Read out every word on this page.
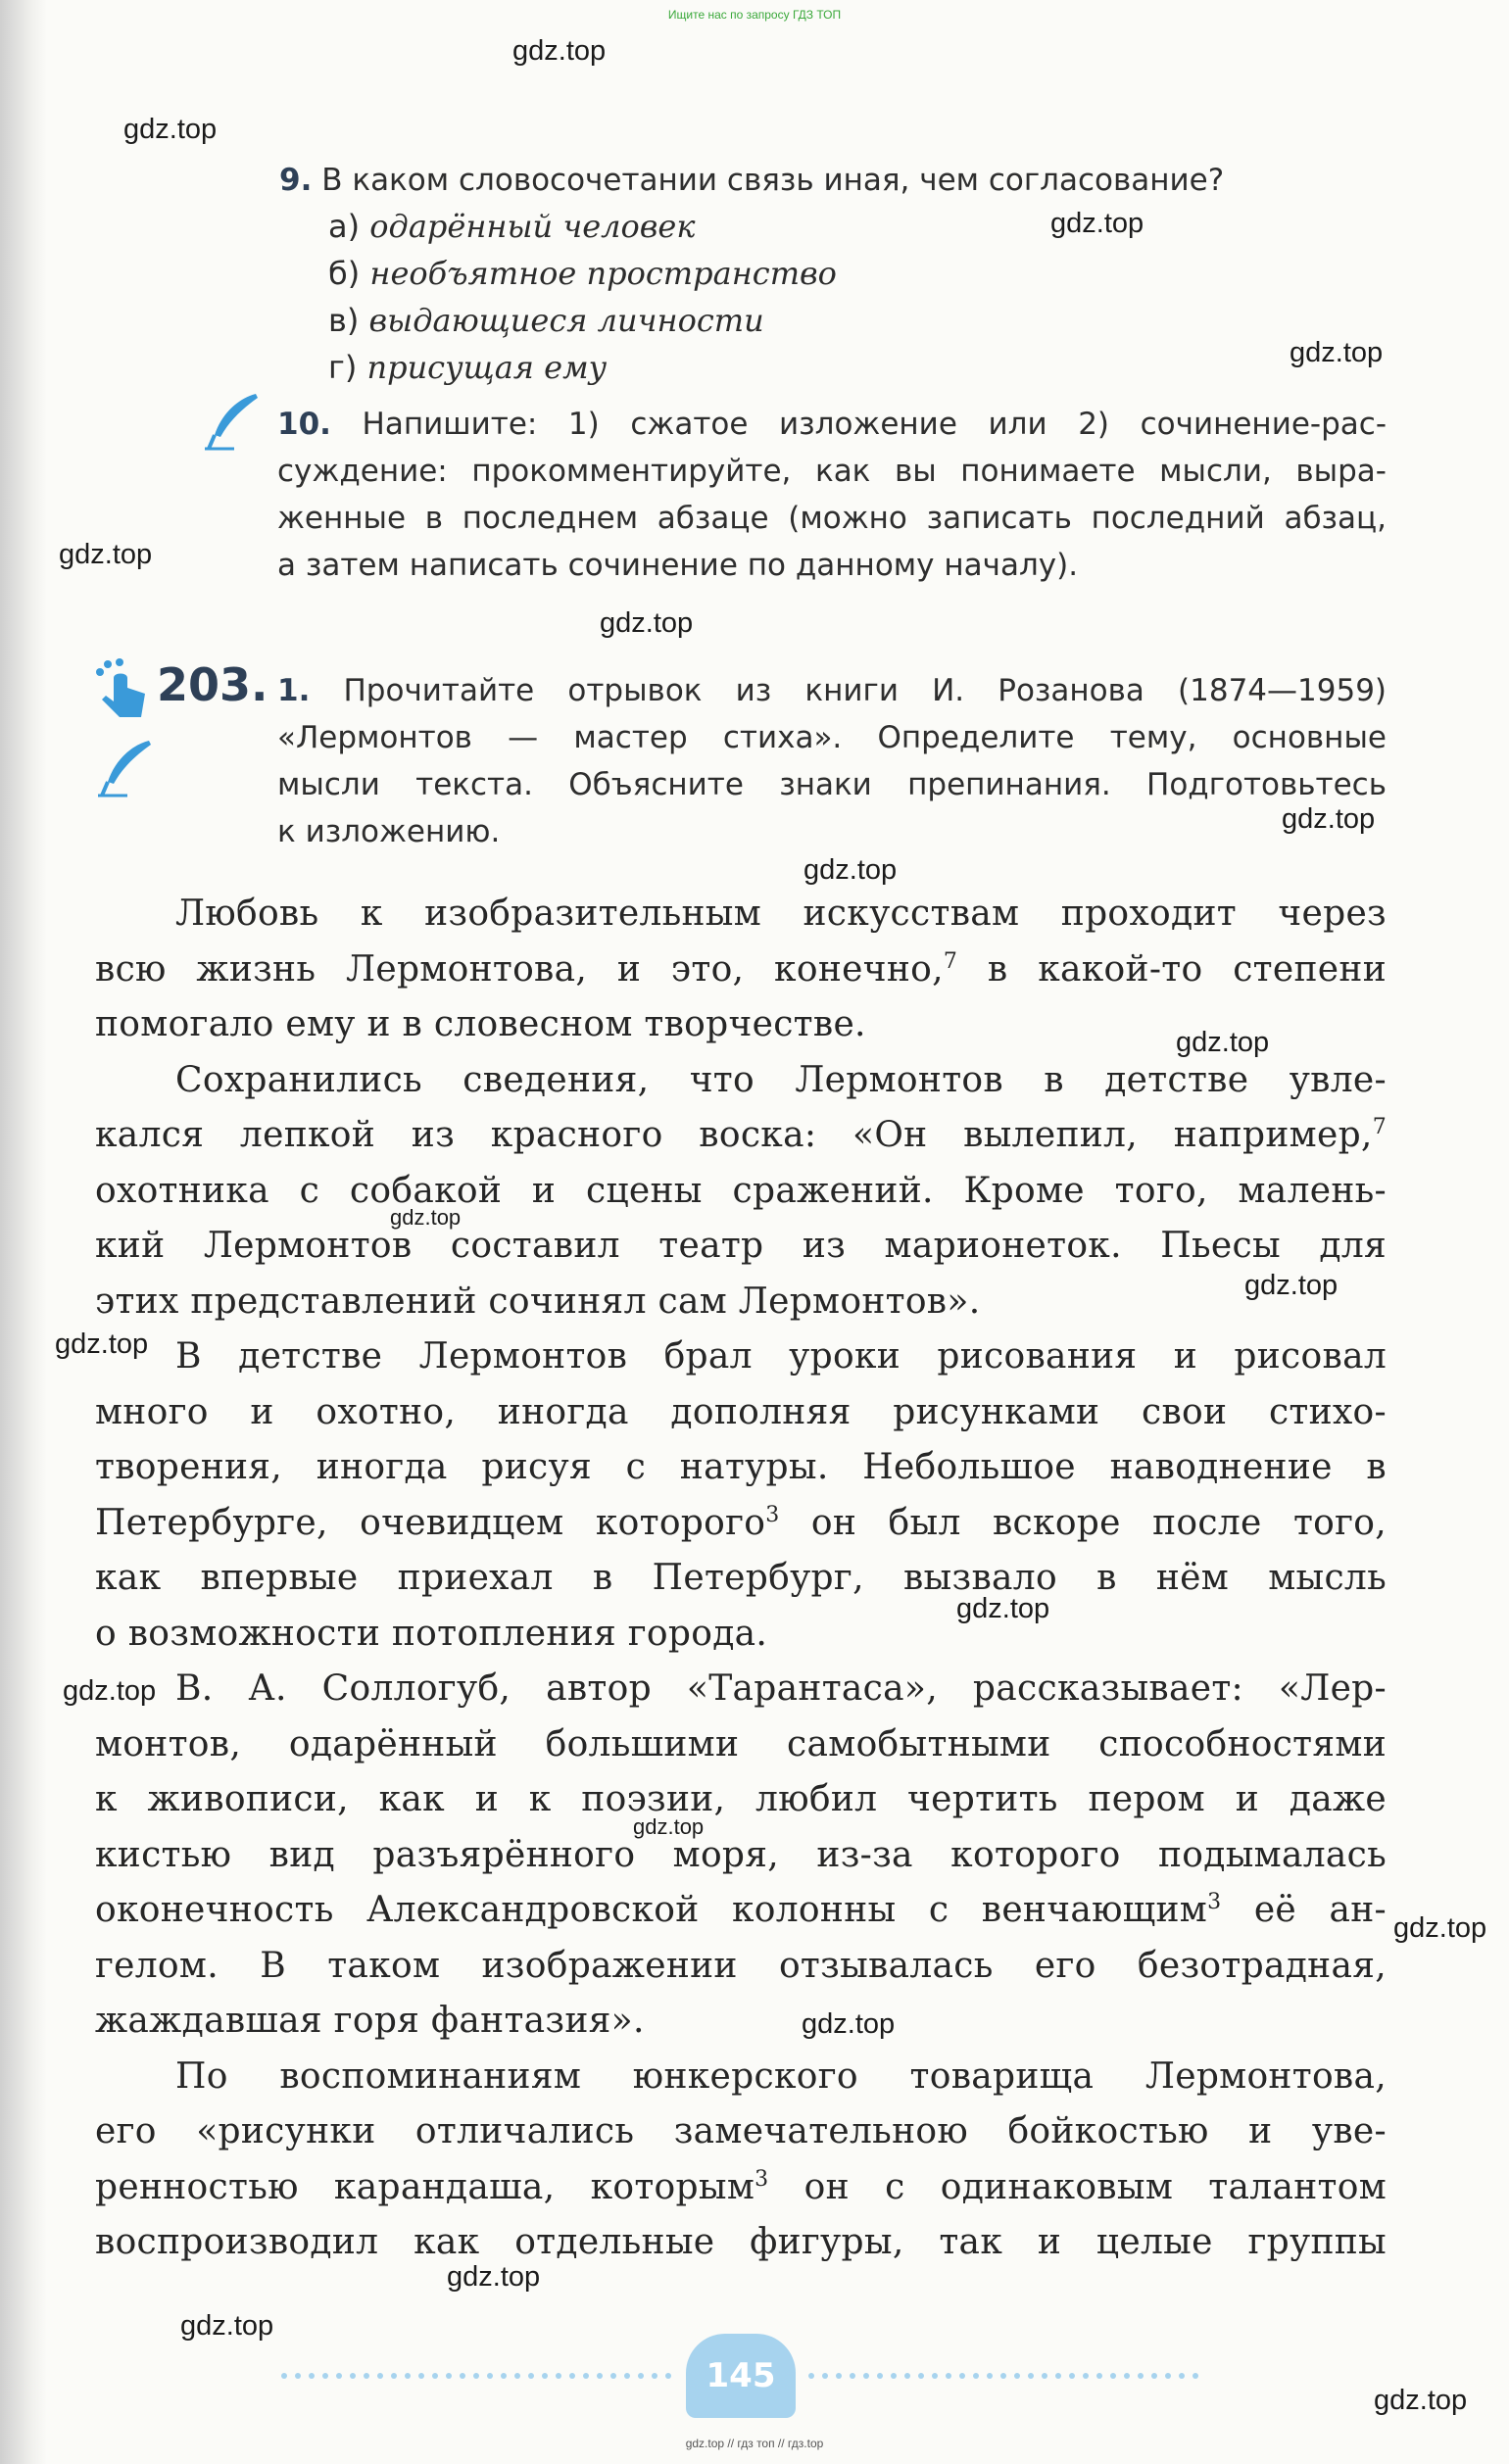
Ищите нас по запросу ГДЗ ТОП
gdz.top
gdz.top
gdz.top
gdz.top
gdz.top
gdz.top
gdz.top
gdz.top
gdz.top
gdz.top
gdz.top
gdz.top
gdz.top
gdz.top
gdz.top
gdz.top
gdz.top
gdz.top
gdz.top
gdz.top
9. В каком словосочетании связь иная, чем согласование?
а) одарённый человек
б) необъятное пространство
в) выдающиеся личности
г) присущая ему
10. Напишите: 1) сжатое изложение или 2) сочинение-рас-
суждение: прокомментируйте, как вы понимаете мысли, выра-
женные в последнем абзаце (можно записать последний абзац,
а затем написать сочинение по данному началу).
203. 1. Прочитайте отрывок из книги И. Розанова (1874—1959)
«Лермонтов — мастер стиха». Определите тему, основные
мысли текста. Объясните знаки препинания. Подготовьтесь
к изложению.
Любовь к изобразительным искусствам проходит через
всю жизнь Лермонтова, и это, конечно,$^7$ в какой-то степени
помогало ему и в словесном творчестве.
Сохранились сведения, что Лермонтов в детстве увле-
кался лепкой из красного воска: «Он вылепил, например,$^7$
охотника с собакой и сцены сражений. Кроме того, малень-
кий Лермонтов составил театр из марионеток. Пьесы для
этих представлений сочинял сам Лермонтов».
В детстве Лермонтов брал уроки рисования и рисовал
много и охотно, иногда дополняя рисунками свои стихо-
творения, иногда рисуя с натуры. Небольшое наводнение в
Петербурге, очевидцем которого$^3$ он был вскоре после того,
как впервые приехал в Петербург, вызвало в нём мысль
о возможности потопления города.
В. А. Соллогуб, автор «Тарантаса», рассказывает: «Лер-
монтов, одарённый большими самобытными способностями
к живописи, как и к поэзии, любил чертить пером и даже
кистью вид разъярённого моря, из-за которого подымалась
оконечность Александровской колонны с венчающим$^3$ её ан-
гелом. В таком изображении отзывалась его безотрадная,
жаждавшая горя фантазия».
По воспоминаниям юнкерского товарища Лермонтова,
его «рисунки отличались замечательною бойкостью и уве-
ренностью карандаша, которым$^3$ он с одинаковым талантом
воспроизводил как отдельные фигуры, так и целые группы
145
gdz.top // гдз топ // гдз.top
